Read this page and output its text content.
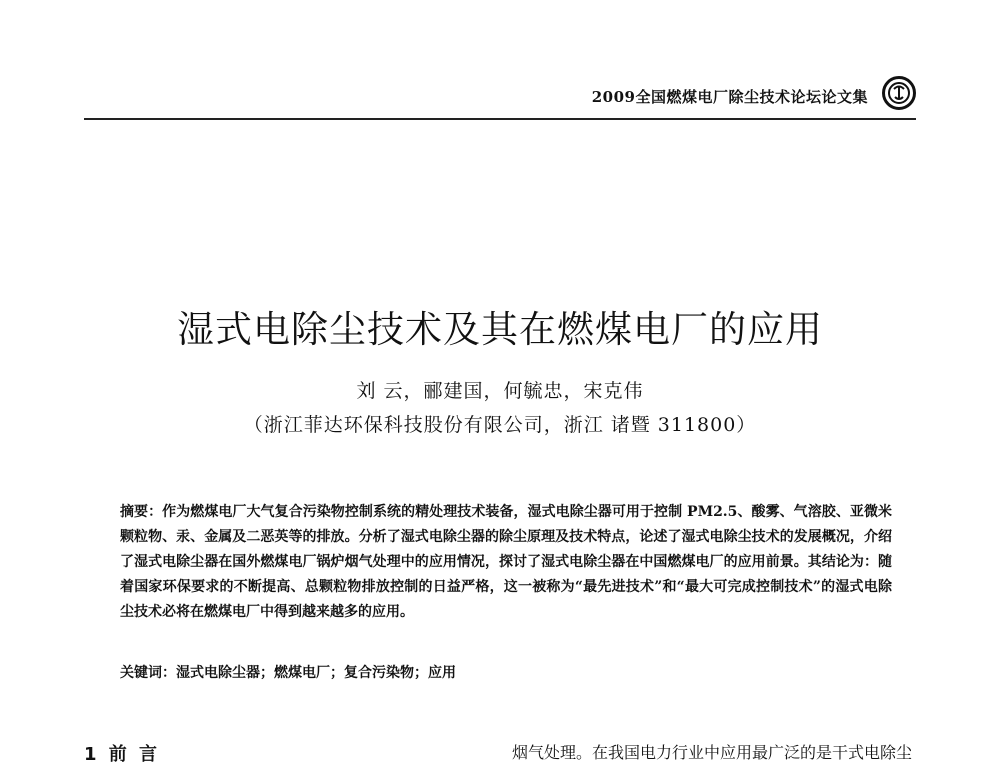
2009全国燃煤电厂除尘技术论坛论文集
湿式电除尘技术及其在燃煤电厂的应用
刘 云，郦建国，何毓忠，宋克伟
（浙江菲达环保科技股份有限公司，浙江 诸暨 311800）
摘要：作为燃煤电厂大气复合污染物控制系统的精处理技术装备，湿式电除尘器可用于控制 PM2.5、酸雾、气溶胶、亚微米颗粒物、汞、金属及二恶英等的排放。分析了湿式电除尘器的除尘原理及技术特点，论述了湿式电除尘技术的发展概况，介绍了湿式电除尘器在国外燃煤电厂锅炉烟气处理中的应用情况，探讨了湿式电除尘器在中国燃煤电厂的应用前景。其结论为：随着国家环保要求的不断提高、总颗粒物排放控制的日益严格，这一被称为“最先进技术”和“最大可完成控制技术”的湿式电除尘技术必将在燃煤电厂中得到越来越多的应用。
关键词：湿式电除尘器；燃煤电厂；复合污染物；应用
1 前 言	烟气处理。在我国电力行业中应用最广泛的是干式电除尘
